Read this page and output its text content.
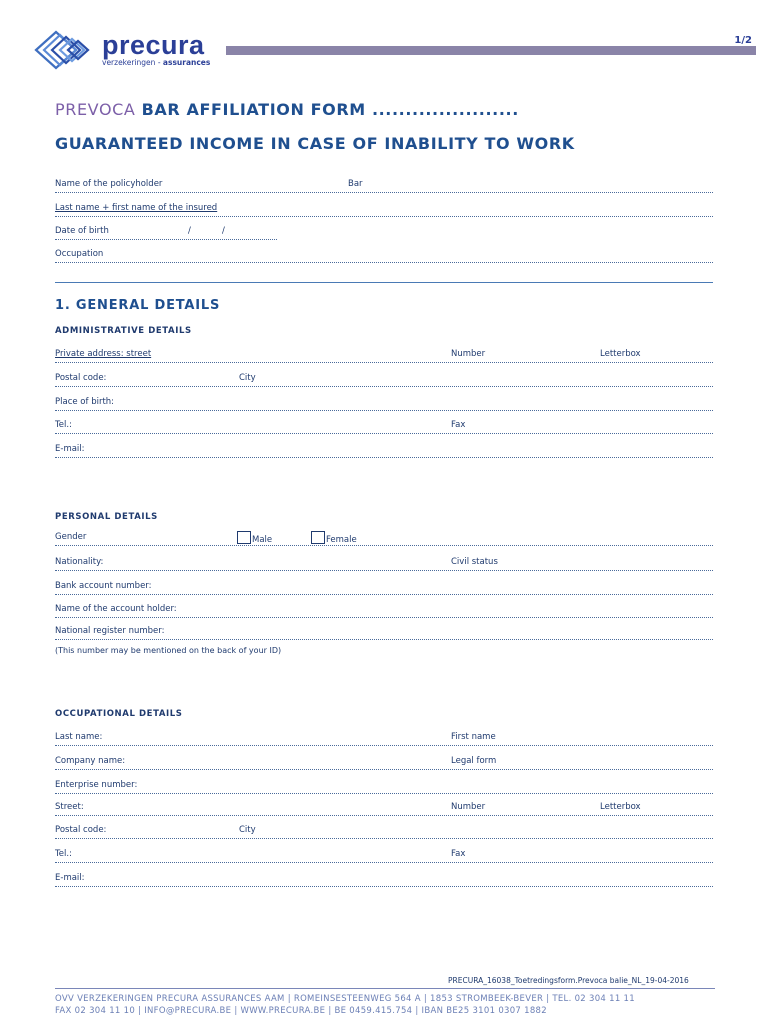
precura
verzekeringen - assurances
1/2
PREVOCA BAR AFFILIATION FORM ......................
GUARANTEED INCOME IN CASE OF INABILITY TO WORK
Name of the policyholder	Bar
Last name + first name of the insured
Date of birth	/	/
Occupation
1. GENERAL DETAILS
ADMINISTRATIVE DETAILS
Private address: street	Number	Letterbox
Postal code:	City
Place of birth:
Tel.:	Fax
E-mail:
PERSONAL DETAILS
Gender	Male	Female
Nationality:	Civil status
Bank account number:
Name of the account holder:
National register number:
(This number may be mentioned on the back of your ID)
OCCUPATIONAL DETAILS
Last name:	First name
Company name:	Legal form
Enterprise number:
Street:	Number	Letterbox
Postal code:	City
Tel.:	Fax
E-mail:
PRECURA_16038_Toetredingsform.Prevoca balie_NL_19-04-2016
OVV VERZEKERINGEN PRECURA ASSURANCES AAM | ROMEINSESTEENWEG 564 A | 1853 STROMBEEK-BEVER | TEL. 02 304 11 11
FAX 02 304 11 10 | INFO@PRECURA.BE | WWW.PRECURA.BE | BE 0459.415.754 | IBAN BE25 3101 0307 1882
